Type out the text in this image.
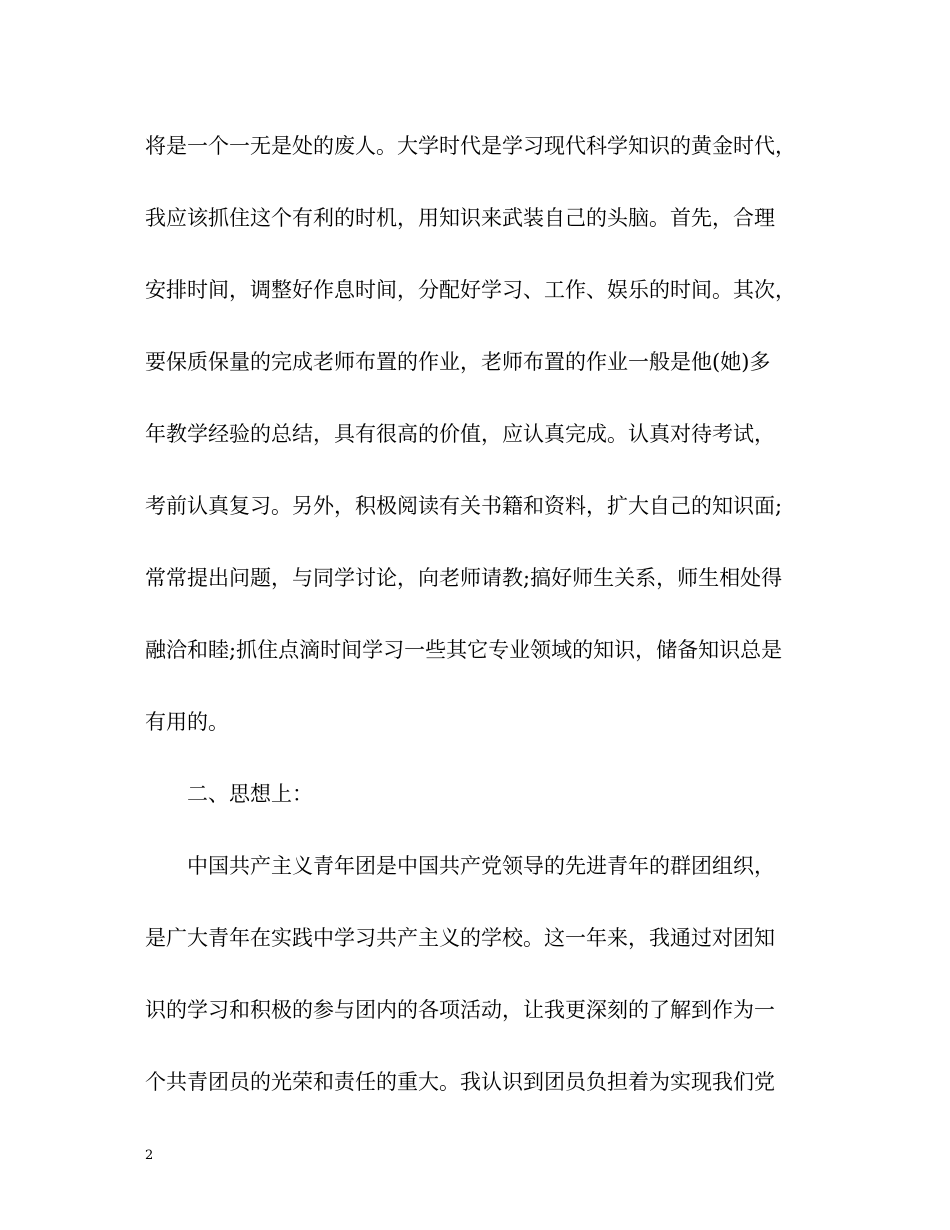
将是一个一无是处的废人。大学时代是学习现代科学知识的黄金时代，
我应该抓住这个有利的时机，用知识来武装自己的头脑。首先，合理
安排时间，调整好作息时间，分配好学习、工作、娱乐的时间。其次，
要保质保量的完成老师布置的作业，老师布置的作业一般是他(她)多
年教学经验的总结，具有很高的价值，应认真完成。认真对待考试，
考前认真复习。另外，积极阅读有关书籍和资料，扩大自己的知识面;
常常提出问题，与同学讨论，向老师请教;搞好师生关系，师生相处得
融洽和睦;抓住点滴时间学习一些其它专业领域的知识，储备知识总是
有用的。
二、思想上：
中国共产主义青年团是中国共产党领导的先进青年的群团组织，
是广大青年在实践中学习共产主义的学校。这一年来，我通过对团知
识的学习和积极的参与团内的各项活动，让我更深刻的了解到作为一
个共青团员的光荣和责任的重大。我认识到团员负担着为实现我们党
2
